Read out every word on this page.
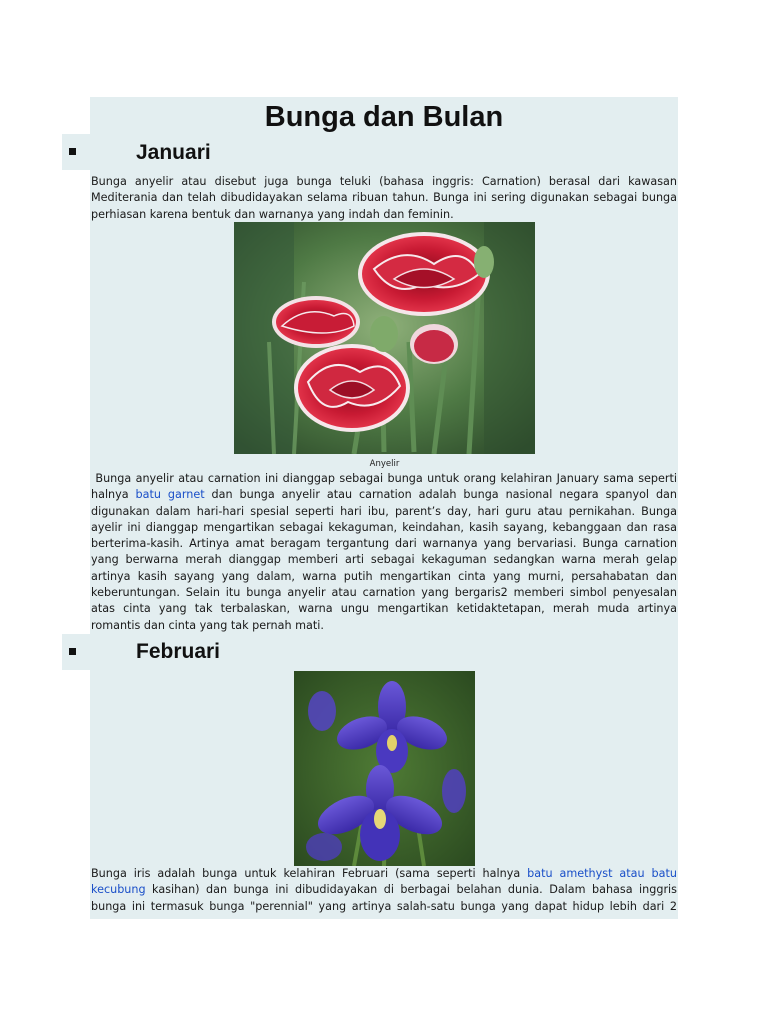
Bunga dan Bulan
Januari
Bunga anyelir atau disebut juga bunga teluki (bahasa inggris: Carnation) berasal dari kawasan
Mediterania dan telah dibudidayakan selama ribuan tahun. Bunga ini sering digunakan sebagai bunga
perhiasan karena bentuk dan warnanya yang indah dan feminin.
Anyelir
Bunga anyelir atau carnation ini dianggap sebagai bunga untuk orang kelahiran January sama seperti
halnya batu garnet dan bunga anyelir atau carnation adalah bunga nasional negara spanyol dan
digunakan dalam hari-hari spesial seperti hari ibu, parent’s day, hari guru atau pernikahan. Bunga
ayelir ini dianggap mengartikan sebagai kekaguman, keindahan, kasih sayang, kebanggaan dan rasa
berterima-kasih. Artinya amat beragam tergantung dari warnanya yang bervariasi. Bunga carnation
yang berwarna merah dianggap memberi arti sebagai kekaguman sedangkan warna merah gelap
artinya kasih sayang yang dalam, warna putih mengartikan cinta yang murni, persahabatan dan
keberuntungan. Selain itu bunga anyelir atau carnation yang bergaris2 memberi simbol penyesalan
atas cinta yang tak terbalaskan, warna ungu mengartikan ketidaktetapan, merah muda artinya
romantis dan cinta yang tak pernah mati.
Februari
Bunga iris adalah bunga untuk kelahiran Februari (sama seperti halnya batu amethyst atau batu
kecubung kasihan) dan bunga ini dibudidayakan di berbagai belahan dunia. Dalam bahasa inggris
bunga ini termasuk bunga "perennial" yang artinya salah-satu bunga yang dapat hidup lebih dari 2
